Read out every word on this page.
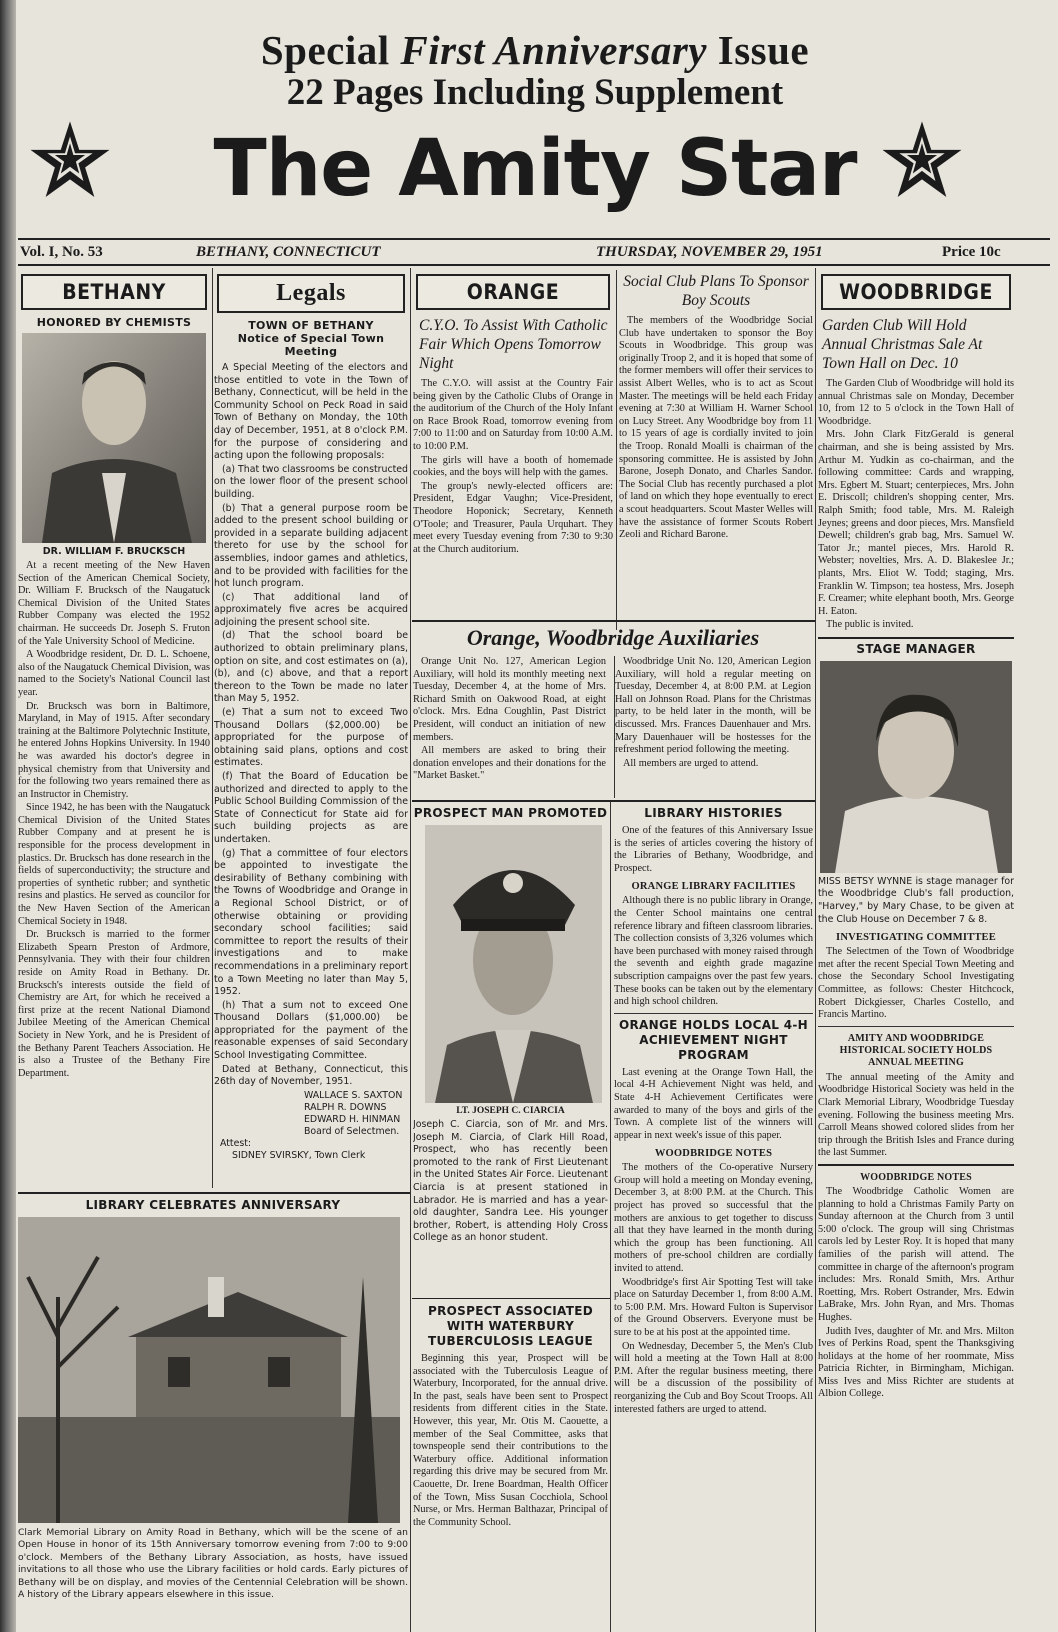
Special First Anniversary Issue
22 Pages Including Supplement
The Amity Star
Vol. I, No. 53	BETHANY, CONNECTICUT	THURSDAY, NOVEMBER 29, 1951	Price 10c
BETHANY
HONORED BY CHEMISTS
DR. WILLIAM F. BRUCKSCH
At a recent meeting of the New Haven Section of the American Chemical Society, Dr. William F. Brucksch of the Naugatuck Chemical Division of the United States Rubber Company was elected the 1952 chairman. He succeeds Dr. Joseph S. Fruton of the Yale University School of Medicine.
A Woodbridge resident, Dr. D. L. Schoene, also of the Naugatuck Chemical Division, was named to the Society's National Council last year.
Dr. Brucksch was born in Baltimore, Maryland, in May of 1915. After secondary training at the Baltimore Polytechnic Institute, he entered Johns Hopkins University. In 1940 he was awarded his doctor's degree in physical chemistry from that University and for the following two years remained there as an Instructor in Chemistry.
Since 1942, he has been with the Naugatuck Chemical Division of the United States Rubber Company and at present he is responsible for the process development in plastics. Dr. Brucksch has done research in the fields of superconductivity; the structure and properties of synthetic rubber; and synthetic resins and plastics. He served as councilor for the New Haven Section of the American Chemical Society in 1948.
Dr. Brucksch is married to the former Elizabeth Spearn Preston of Ardmore, Pennsylvania. They with their four children reside on Amity Road in Bethany. Dr. Brucksch's interests outside the field of Chemistry are Art, for which he received a first prize at the recent National Diamond Jubilee Meeting of the American Chemical Society in New York, and he is President of the Bethany Parent Teachers Association. He is also a Trustee of the Bethany Fire Department.
Legals
TOWN OF BETHANY
Notice of Special Town Meeting
A Special Meeting of the electors and those entitled to vote in the Town of Bethany, Connecticut, will be held in the Community School on Peck Road in said Town of Bethany on Monday, the 10th day of December, 1951, at 8 o'clock P.M. for the purpose of considering and acting upon the following proposals:
(a) That two classrooms be constructed on the lower floor of the present school building.
(b) That a general purpose room be added to the present school building or provided in a separate building adjacent thereto for use by the school for assemblies, indoor games and athletics, and to be provided with facilities for the hot lunch program.
(c) That additional land of approximately five acres be acquired adjoining the present school site.
(d) That the school board be authorized to obtain preliminary plans, option on site, and cost estimates on (a), (b), and (c) above, and that a report thereon to the Town be made no later than May 5, 1952.
(e) That a sum not to exceed Two Thousand Dollars ($2,000.00) be appropriated for the purpose of obtaining said plans, options and cost estimates.
(f) That the Board of Education be authorized and directed to apply to the Public School Building Commission of the State of Connecticut for State aid for such building projects as are undertaken.
(g) That a committee of four electors be appointed to investigate the desirability of Bethany combining with the Towns of Woodbridge and Orange in a Regional School District, or of otherwise obtaining or providing secondary school facilities; said committee to report the results of their investigations and to make recommendations in a preliminary report to a Town Meeting no later than May 5, 1952.
(h) That a sum not to exceed One Thousand Dollars ($1,000.00) be appropriated for the payment of the reasonable expenses of said Secondary School Investigating Committee.
Dated at Bethany, Connecticut, this 26th day of November, 1951.
WALLACE S. SAXTON
RALPH R. DOWNS
EDWARD H. HINMAN
Board of Selectmen.
Attest:
SIDNEY SVIRSKY, Town Clerk
LIBRARY CELEBRATES ANNIVERSARY
Clark Memorial Library on Amity Road in Bethany, which will be the scene of an Open House in honor of its 15th Anniversary tomorrow evening from 7:00 to 9:00 o'clock. Members of the Bethany Library Association, as hosts, have issued invitations to all those who use the Library facilities or hold cards. Early pictures of Bethany will be on display, and movies of the Centennial Celebration will be shown. A history of the Library appears elsewhere in this issue.
ORANGE
C.Y.O. To Assist With Catholic Fair Which Opens Tomorrow Night
The C.Y.O. will assist at the Country Fair being given by the Catholic Clubs of Orange in the auditorium of the Church of the Holy Infant on Race Brook Road, tomorrow evening from 7:00 to 11:00 and on Saturday from 10:00 A.M. to 10:00 P.M.
The girls will have a booth of homemade cookies, and the boys will help with the games.
The group's newly-elected officers are: President, Edgar Vaughn; Vice-President, Theodore Hoponick; Secretary, Kenneth O'Toole; and Treasurer, Paula Urquhart. They meet every Tuesday evening from 7:30 to 9:30 at the Church auditorium.
Social Club Plans To Sponsor Boy Scouts
The members of the Woodbridge Social Club have undertaken to sponsor the Boy Scouts in Woodbridge. This group was originally Troop 2, and it is hoped that some of the former members will offer their services to assist Albert Welles, who is to act as Scout Master. The meetings will be held each Friday evening at 7:30 at William H. Warner School on Lucy Street. Any Woodbridge boy from 11 to 15 years of age is cordially invited to join the Troop. Ronald Moalli is chairman of the sponsoring committee. He is assisted by John Barone, Joseph Donato, and Charles Sandor. The Social Club has recently purchased a plot of land on which they hope eventually to erect a scout headquarters. Scout Master Welles will have the assistance of former Scouts Robert Zeoli and Richard Barone.
Orange, Woodbridge Auxiliaries
Orange Unit No. 127, American Legion Auxiliary, will hold its monthly meeting next Tuesday, December 4, at the home of Mrs. Richard Smith on Oakwood Road, at eight o'clock. Mrs. Edna Coughlin, Past District President, will conduct an initiation of new members.
All members are asked to bring their donation envelopes and their donations for the "Market Basket."
Woodbridge Unit No. 120, American Legion Auxiliary, will hold a regular meeting on Tuesday, December 4, at 8:00 P.M. at Legion Hall on Johnson Road. Plans for the Christmas party, to be held later in the month, will be discussed. Mrs. Frances Dauenhauer and Mrs. Mary Dauenhauer will be hostesses for the refreshment period following the meeting.
All members are urged to attend.
PROSPECT MAN PROMOTED
LT. JOSEPH C. CIARCIA
Joseph C. Ciarcia, son of Mr. and Mrs. Joseph M. Ciarcia, of Clark Hill Road, Prospect, who has recently been promoted to the rank of First Lieutenant in the United States Air Force. Lieutenant Ciarcia is at present stationed in Labrador. He is married and has a year-old daughter, Sandra Lee. His younger brother, Robert, is attending Holy Cross College as an honor student.
PROSPECT ASSOCIATED WITH WATERBURY TUBERCULOSIS LEAGUE
Beginning this year, Prospect will be associated with the Tuberculosis League of Waterbury, Incorporated, for the annual drive. In the past, seals have been sent to Prospect residents from different cities in the State. However, this year, Mr. Otis M. Caouette, a member of the Seal Committee, asks that townspeople send their contributions to the Waterbury office. Additional information regarding this drive may be secured from Mr. Caouette, Dr. Irene Boardman, Health Officer of the Town, Miss Susan Cocchiola, School Nurse, or Mrs. Herman Balthazar, Principal of the Community School.
LIBRARY HISTORIES
One of the features of this Anniversary Issue is the series of articles covering the history of the Libraries of Bethany, Woodbridge, and Prospect.
ORANGE LIBRARY FACILITIES
Although there is no public library in Orange, the Center School maintains one central reference library and fifteen classroom libraries. The collection consists of 3,326 volumes which have been purchased with money raised through the seventh and eighth grade magazine subscription campaigns over the past few years. These books can be taken out by the elementary and high school children.
ORANGE HOLDS LOCAL 4-H ACHIEVEMENT NIGHT PROGRAM
Last evening at the Orange Town Hall, the local 4-H Achievement Night was held, and State 4-H Achievement Certificates were awarded to many of the boys and girls of the Town. A complete list of the winners will appear in next week's issue of this paper.
WOODBRIDGE NOTES
The mothers of the Co-operative Nursery Group will hold a meeting on Monday evening, December 3, at 8:00 P.M. at the Church. This project has proved so successful that the mothers are anxious to get together to discuss all that they have learned in the month during which the group has been functioning. All mothers of pre-school children are cordially invited to attend.
Woodbridge's first Air Spotting Test will take place on Saturday December 1, from 8:00 A.M. to 5:00 P.M. Mrs. Howard Fulton is Supervisor of the Ground Observers. Everyone must be sure to be at his post at the appointed time.
On Wednesday, December 5, the Men's Club will hold a meeting at the Town Hall at 8:00 P.M. After the regular business meeting, there will be a discussion of the possibility of reorganizing the Cub and Boy Scout Troops. All interested fathers are urged to attend.
WOODBRIDGE
Garden Club Will Hold Annual Christmas Sale At Town Hall on Dec. 10
The Garden Club of Woodbridge will hold its annual Christmas sale on Monday, December 10, from 12 to 5 o'clock in the Town Hall of Woodbridge.
Mrs. John Clark FitzGerald is general chairman, and she is being assisted by Mrs. Arthur M. Yudkin as co-chairman, and the following committee: Cards and wrapping, Mrs. Egbert M. Stuart; centerpieces, Mrs. John E. Driscoll; children's shopping center, Mrs. Ralph Smith; food table, Mrs. M. Raleigh Jeynes; greens and door pieces, Mrs. Mansfield Dewell; children's grab bag, Mrs. Samuel W. Tator Jr.; mantel pieces, Mrs. Harold R. Webster; novelties, Mrs. A. D. Blakeslee Jr.; plants, Mrs. Eliot W. Todd; staging, Mrs. Franklin W. Timpson; tea hostess, Mrs. Joseph F. Creamer; white elephant booth, Mrs. George H. Eaton.
The public is invited.
STAGE MANAGER
MISS BETSY WYNNE is stage manager for the Woodbridge Club's fall production, "Harvey," by Mary Chase, to be given at the Club House on December 7 & 8.
INVESTIGATING COMMITTEE
The Selectmen of the Town of Woodbridge met after the recent Special Town Meeting and chose the Secondary School Investigating Committee, as follows: Chester Hitchcock, Robert Dickgiesser, Charles Costello, and Francis Martino.
AMITY AND WOODBRIDGE HISTORICAL SOCIETY HOLDS ANNUAL MEETING
The annual meeting of the Amity and Woodbridge Historical Society was held in the Clark Memorial Library, Woodbridge Tuesday evening. Following the business meeting Mrs. Carroll Means showed colored slides from her trip through the British Isles and France during the last Summer.
WOODBRIDGE NOTES
The Woodbridge Catholic Women are planning to hold a Christmas Family Party on Sunday afternoon at the Church from 3 until 5:00 o'clock. The group will sing Christmas carols led by Lester Roy. It is hoped that many families of the parish will attend. The committee in charge of the afternoon's program includes: Mrs. Ronald Smith, Mrs. Arthur Roetting, Mrs. Robert Ostrander, Mrs. Edwin LaBrake, Mrs. John Ryan, and Mrs. Thomas Hughes.
Judith Ives, daughter of Mr. and Mrs. Milton Ives of Perkins Road, spent the Thanksgiving holidays at the home of her roommate, Miss Patricia Richter, in Birmingham, Michigan. Miss Ives and Miss Richter are students at Albion College.
